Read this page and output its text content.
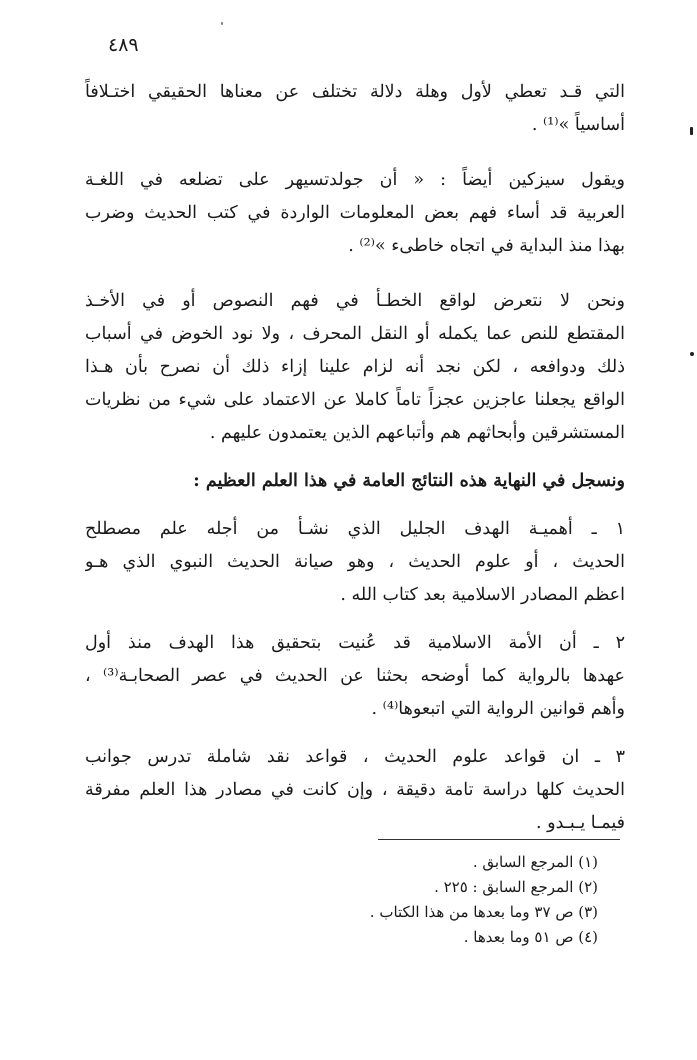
٤٨٩
التي قـد تعطي لأول وهلة دلالة تختلف عن معناها الحقيقي اختـلافاً
أساسياً »⁽¹⁾ .
ويقول سيزكين أيضاً : « أن جولدتسيهر على تضلعه في اللغـة
العربية قد أساء فهم بعض المعلومات الواردة في كتب الحديث وضرب
بهذا منذ البداية في اتجاه خاطىء »⁽²⁾ .
ونحن لا نتعرض لواقع الخطـأ في فهم النصوص أو في الأخـذ
المقتطع للنص عما يكمله أو النقل المحرف ، ولا نود الخوض في أسباب
ذلك ودوافعه ، لكن نجد أنه لزام علينا إزاء ذلك أن نصرح بأن هـذا
الواقع يجعلنا عاجزين عجزاً تاماً كاملا عن الاعتماد على شيء من نظريات
المستشرقين وأبحاثهم هم وأتباعهم الذين يعتمدون عليهم .
ونسجل في النهاية هذه النتائج العامة في هذا العلم العظيم :
١ ـ أهميـة الهدف الجليل الذي نشـأ من أجله علم مصطلح
الحديث ، أو علوم الحديث ، وهو صيانة الحديث النبوي الذي هـو
اعظم المصادر الاسلامية بعد كتاب الله .
٢ ـ أن الأمة الاسلامية قد عُنيت بتحقيق هذا الهدف منذ أول
عهدها بالرواية كما أوضحه بحثنا عن الحديث في عصر الصحابـة⁽³⁾ ،
وأهم قوانين الرواية التي اتبعوها⁽⁴⁾ .
٣ ـ ان قواعد علوم الحديث ، قواعد نقد شاملة تدرس جوانب
الحديث كلها دراسة تامة دقيقة ، وإن كانت في مصادر هذا العلم مفرقة
فيمـا يـبـدو .
(١) المرجع السابق .
(٢) المرجع السابق : ٢٢٥ .
(٣) ص ٣٧ وما بعدها من هذا الكتاب .
(٤) ص ٥١ وما بعدها .
